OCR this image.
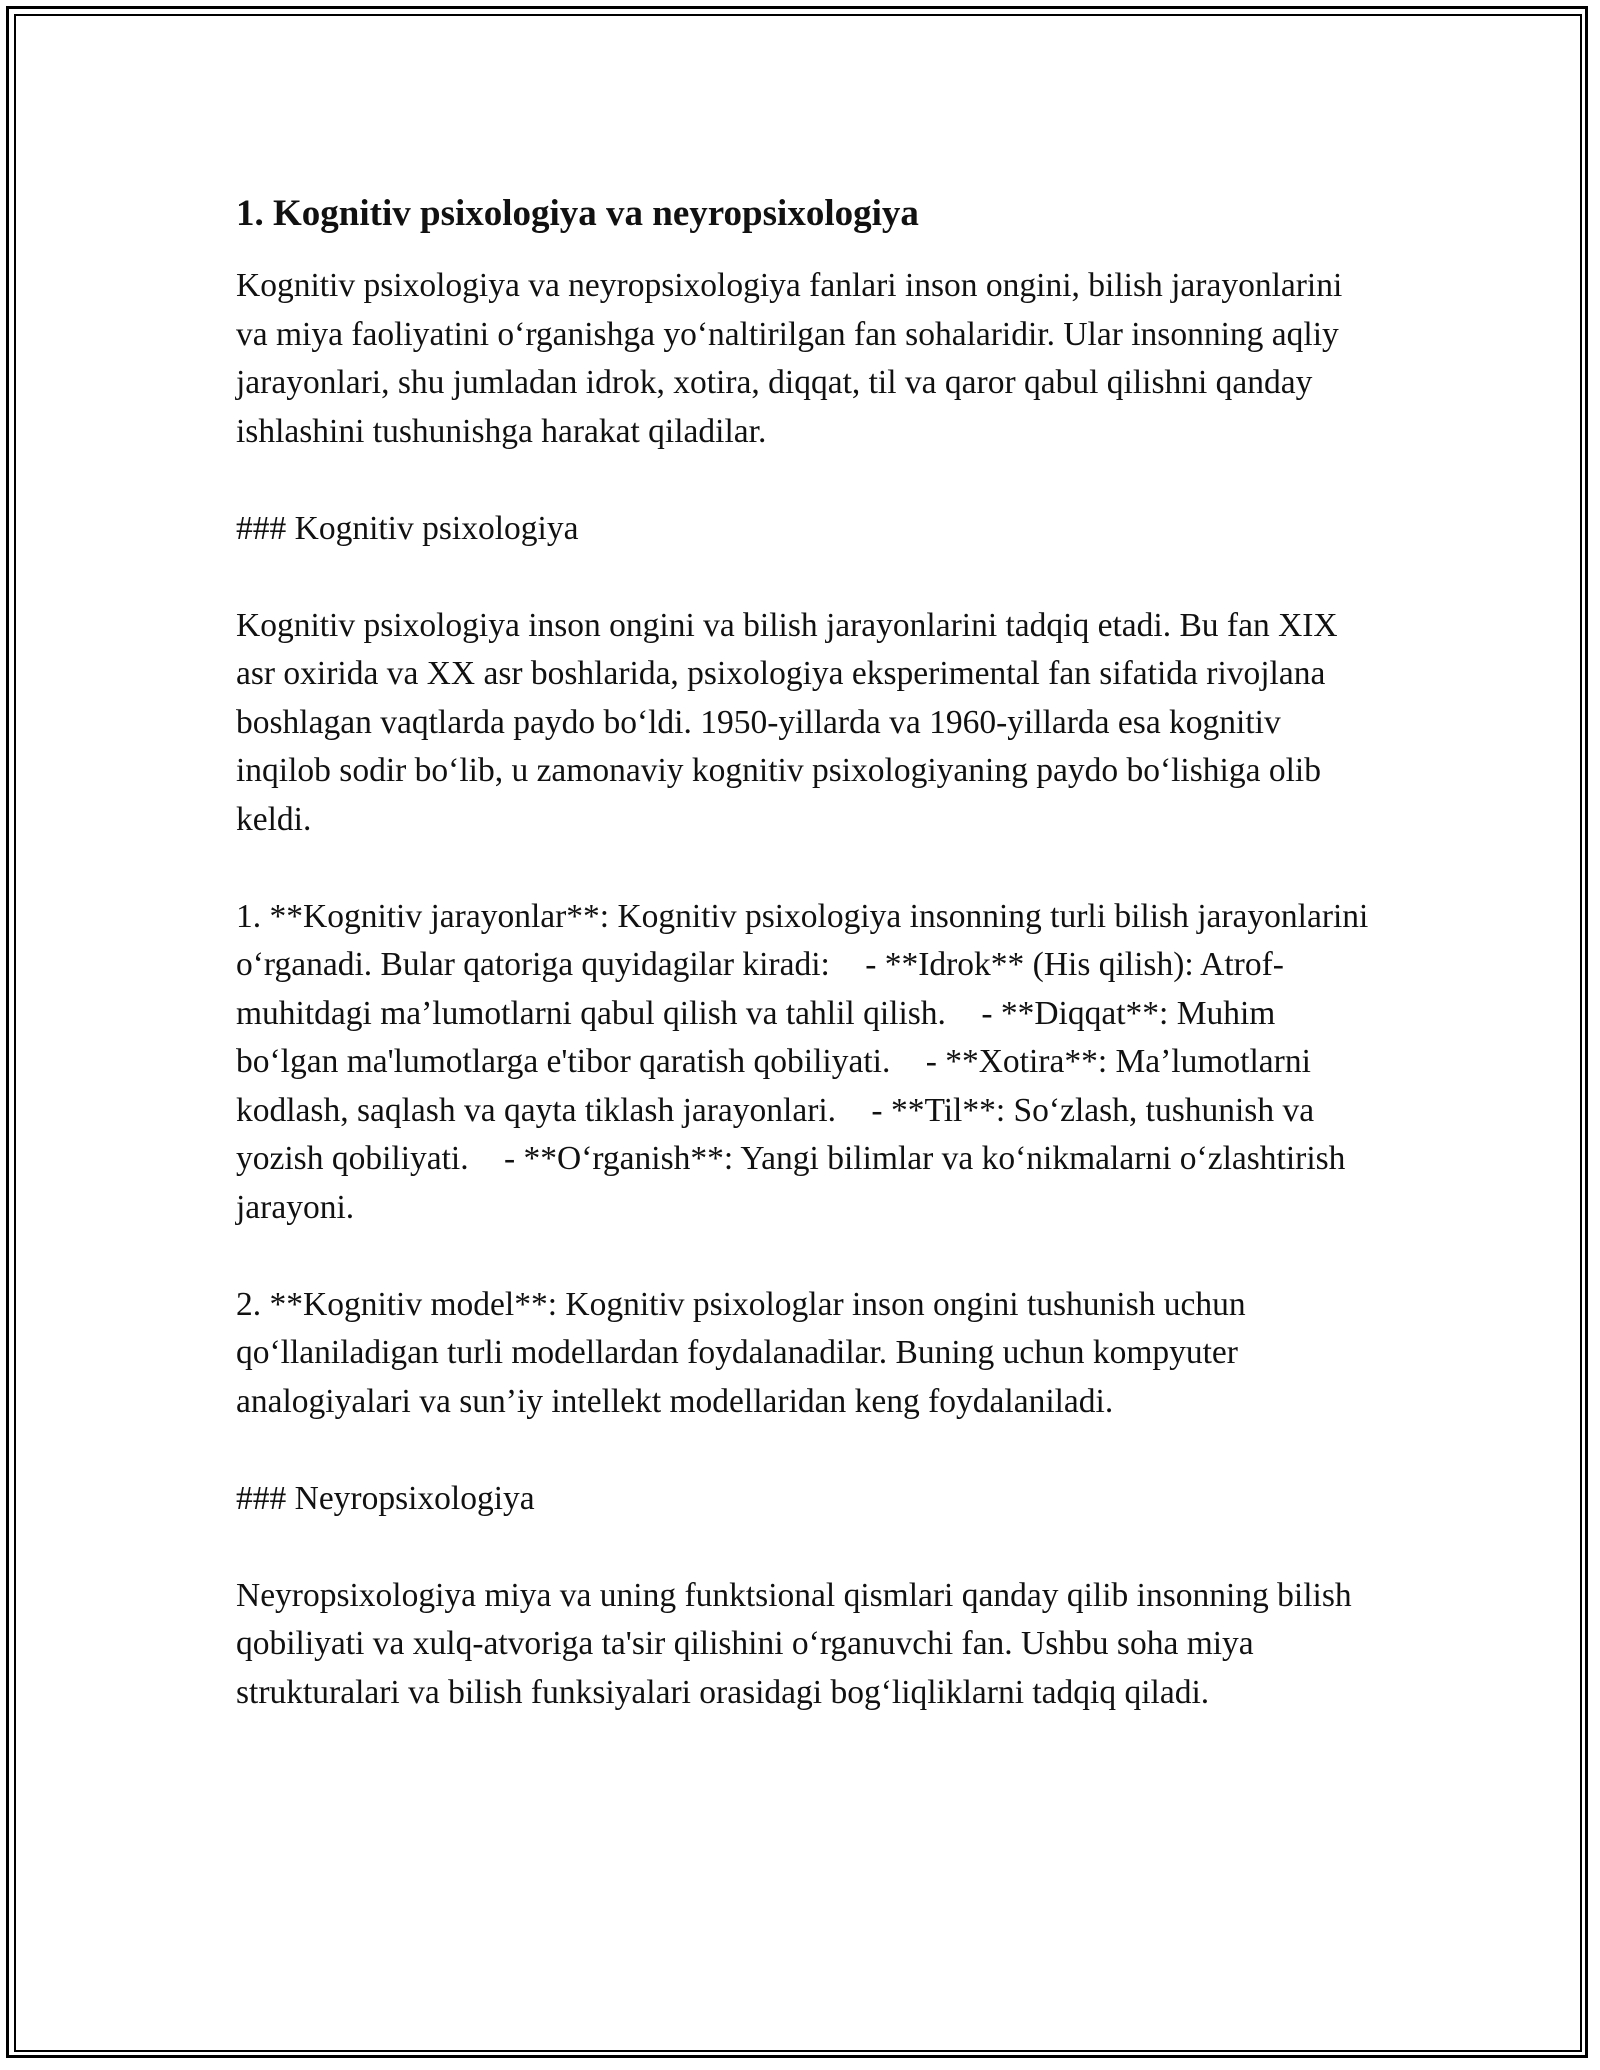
1. Kognitiv psixologiya va neyropsixologiya
Kognitiv psixologiya va neyropsixologiya fanlari inson ongini, bilish jarayonlarini va miya faoliyatini o‘rganishga yo‘naltirilgan fan sohalaridir. Ular insonning aqliy jarayonlari, shu jumladan idrok, xotira, diqqat, til va qaror qabul qilishni qanday ishlashini tushunishga harakat qiladilar.
### Kognitiv psixologiya
Kognitiv psixologiya inson ongini va bilish jarayonlarini tadqiq etadi. Bu fan XIX asr oxirida va XX asr boshlarida, psixologiya eksperimental fan sifatida rivojlana boshlagan vaqtlarda paydo bo‘ldi. 1950-yillarda va 1960-yillarda esa kognitiv inqilob sodir bo‘lib, u zamonaviy kognitiv psixologiyaning paydo bo‘lishiga olib keldi.
1. **Kognitiv jarayonlar**: Kognitiv psixologiya insonning turli bilish jarayonlarini o‘rganadi. Bular qatoriga quyidagilar kiradi: - **Idrok** (His qilish): Atrof-muhitdagi ma’lumotlarni qabul qilish va tahlil qilish. - **Diqqat**: Muhim bo‘lgan ma'lumotlarga e'tibor qaratish qobiliyati. - **Xotira**: Ma’lumotlarni kodlash, saqlash va qayta tiklash jarayonlari. - **Til**: So‘zlash, tushunish va yozish qobiliyati. - **O‘rganish**: Yangi bilimlar va ko‘nikmalarni o‘zlashtirish jarayoni.
2. **Kognitiv model**: Kognitiv psixologlar inson ongini tushunish uchun qo‘llaniladigan turli modellardan foydalanadilar. Buning uchun kompyuter analogiyalari va sun’iy intellekt modellaridan keng foydalaniladi.
### Neyropsixologiya
Neyropsixologiya miya va uning funktsional qismlari qanday qilib insonning bilish qobiliyati va xulq-atvoriga ta'sir qilishini o‘rganuvchi fan. Ushbu soha miya strukturalari va bilish funksiyalari orasidagi bog‘liqliklarni tadqiq qiladi.
